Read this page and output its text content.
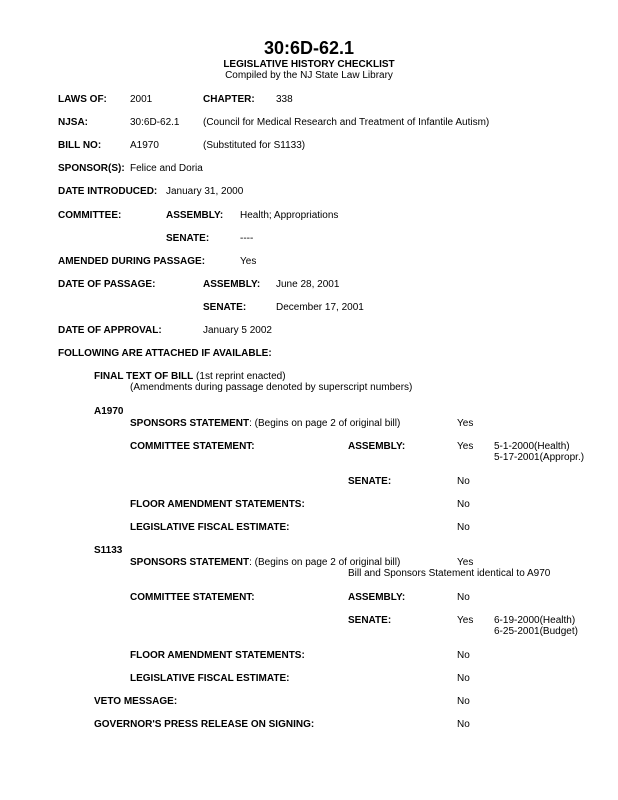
30:6D-62.1
LEGISLATIVE HISTORY CHECKLIST
Compiled by the NJ State Law Library
LAWS OF: 2001	CHAPTER: 338
NJSA:	30:6D-62.1 (Council for Medical Research and Treatment of Infantile Autism)
BILL NO:	A1970	(Substituted for S1133)
SPONSOR(S): Felice and Doria
DATE INTRODUCED: January 31, 2000
COMMITTEE:	ASSEMBLY: Health; Appropriations
SENATE:	----
AMENDED DURING PASSAGE:	Yes
DATE OF PASSAGE:	ASSEMBLY: June 28, 2001
SENATE:	December 17, 2001
DATE OF APPROVAL:	January 5 2002
FOLLOWING ARE ATTACHED IF AVAILABLE:
FINAL TEXT OF BILL (1st reprint enacted)
(Amendments during passage denoted by superscript numbers)
A1970
SPONSORS STATEMENT: (Begins on page 2 of original bill)	Yes
COMMITTEE STATEMENT:	ASSEMBLY:	Yes 5-1-2000(Health)
5-17-2001(Appropr.)
SENATE:	No
FLOOR AMENDMENT STATEMENTS:	No
LEGISLATIVE FISCAL ESTIMATE:	No
S1133
SPONSORS STATEMENT: (Begins on page 2 of original bill)	Yes
Bill and Sponsors Statement identical to A970
COMMITTEE STATEMENT:	ASSEMBLY:	No
SENATE:	Yes 6-19-2000(Health)
6-25-2001(Budget)
FLOOR AMENDMENT STATEMENTS:	No
LEGISLATIVE FISCAL ESTIMATE:	No
VETO MESSAGE:	No
GOVERNOR'S PRESS RELEASE ON SIGNING:	No
